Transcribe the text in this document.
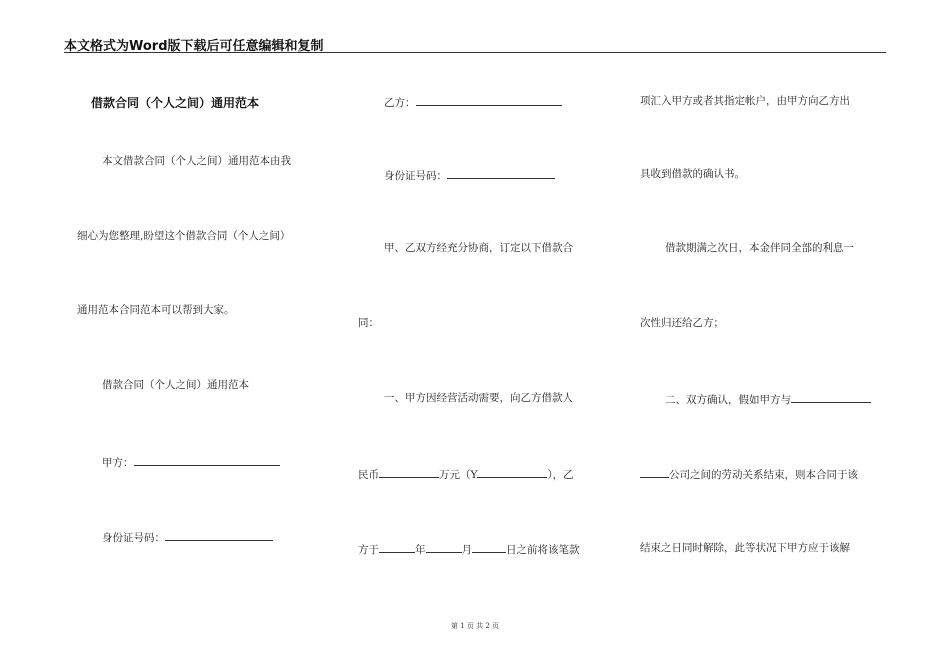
本文格式为Word版下载后可任意编辑和复制
借款合同（个人之间）通用范本
本文借款合同（个人之间）通用范本由我
细心为您整理,盼望这个借款合同（个人之间）
通用范本合同范本可以帮到大家。
借款合同（个人之间）通用范本
甲方：
身份证号码：
乙方：
身份证号码：
甲、乙双方经充分协商，订定以下借款合
同：
一、甲方因经营活动需要，向乙方借款人
民币	万元（Y	），乙
方于	年	月	日之前将该笔款
项汇入甲方或者其指定帐户，由甲方向乙方出
具收到借款的确认书。
借款期满之次日，本金伴同全部的利息一
次性归还给乙方；
二、双方确认，假如甲方与
公司之间的劳动关系结束，则本合同于该
结束之日同时解除，此等状况下甲方应于该解
第 1 页 共 2 页
